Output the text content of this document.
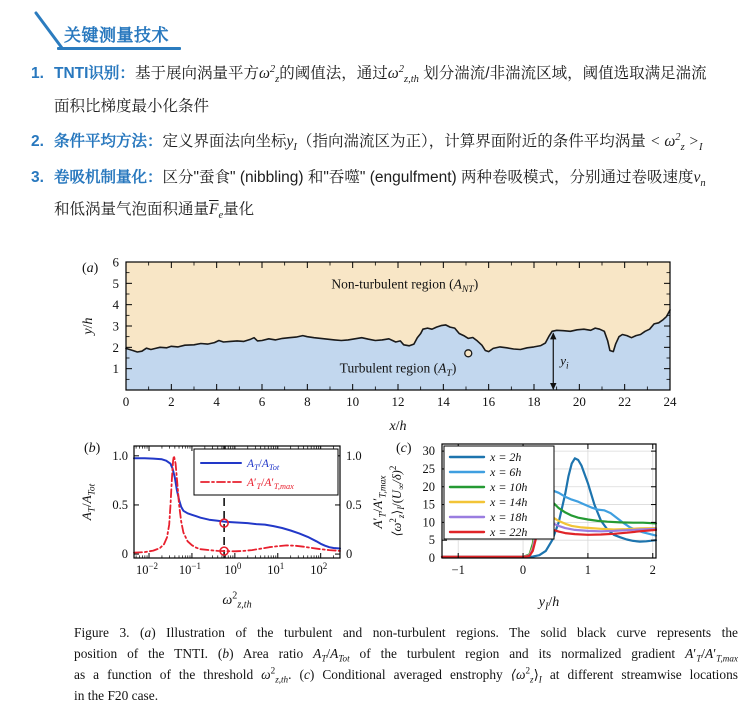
关键测量技术
1. TNTI识别：基于展向涡量平方$\omega^2_z$的阈值法，通过$\omega^2_{z,th}$ 划分湍流/非湍流区域，阈值选取满足湍流面积比梯度最小化条件
2. 条件平均方法：定义界面法向坐标$y_I$（指向湍流区为正），计算界面附近的条件平均涡量 < $\omega^2_z >_I$
3. 卷吸机制量化：区分"蚕食" (nibbling) 和"吞噬" (engulfment) 两种卷吸模式，分别通过卷吸速度$v_n$和低涡量气泡面积通量$\overline{F}_e$量化
$y_i$
0	2	4	6	8	10 12 14 16 18 20 22 24
1
2
3
4
5
6
Non-turbulent region $(A_{NT})$
Turbulent region $(A_T)$
x/h
y/h
(a)
$10^{-2}$ $10^{-1}$ $10^0$ $10^1$ $10^2$
0	0
0.5	0.5
1.0	1.0
$A_T/A_{Tot}$
$A'_T/A'_{T,max}$
$\omega^2_{z,th}$
$A_T/A_{Tot}$
$A'_T/A'_{T,max}$
(b)
−1	0	1	2
0
5
10
15
20
25
30	x = 2h
x = 6h
x = 10h
x = 14h
x = 18h
x = 22h
$y_I/h$
$⟨\omega^2_z⟩_I/(U_\infty/\delta)^2$
(c)
Figure 3. (a) Illustration of the turbulent and non-turbulent regions. The solid black curve represents the
position of the TNTI. (b) Area ratio $A_T/A_{Tot}$ of the turbulent region and its normalized gradient $A'_T/A'_{T,max}$
as a function of the threshold $\omega^2_{z,th}$. (c) Conditional averaged enstrophy $⟨\omega^2_z⟩_I$ at different streamwise locations
in the F20 case.
